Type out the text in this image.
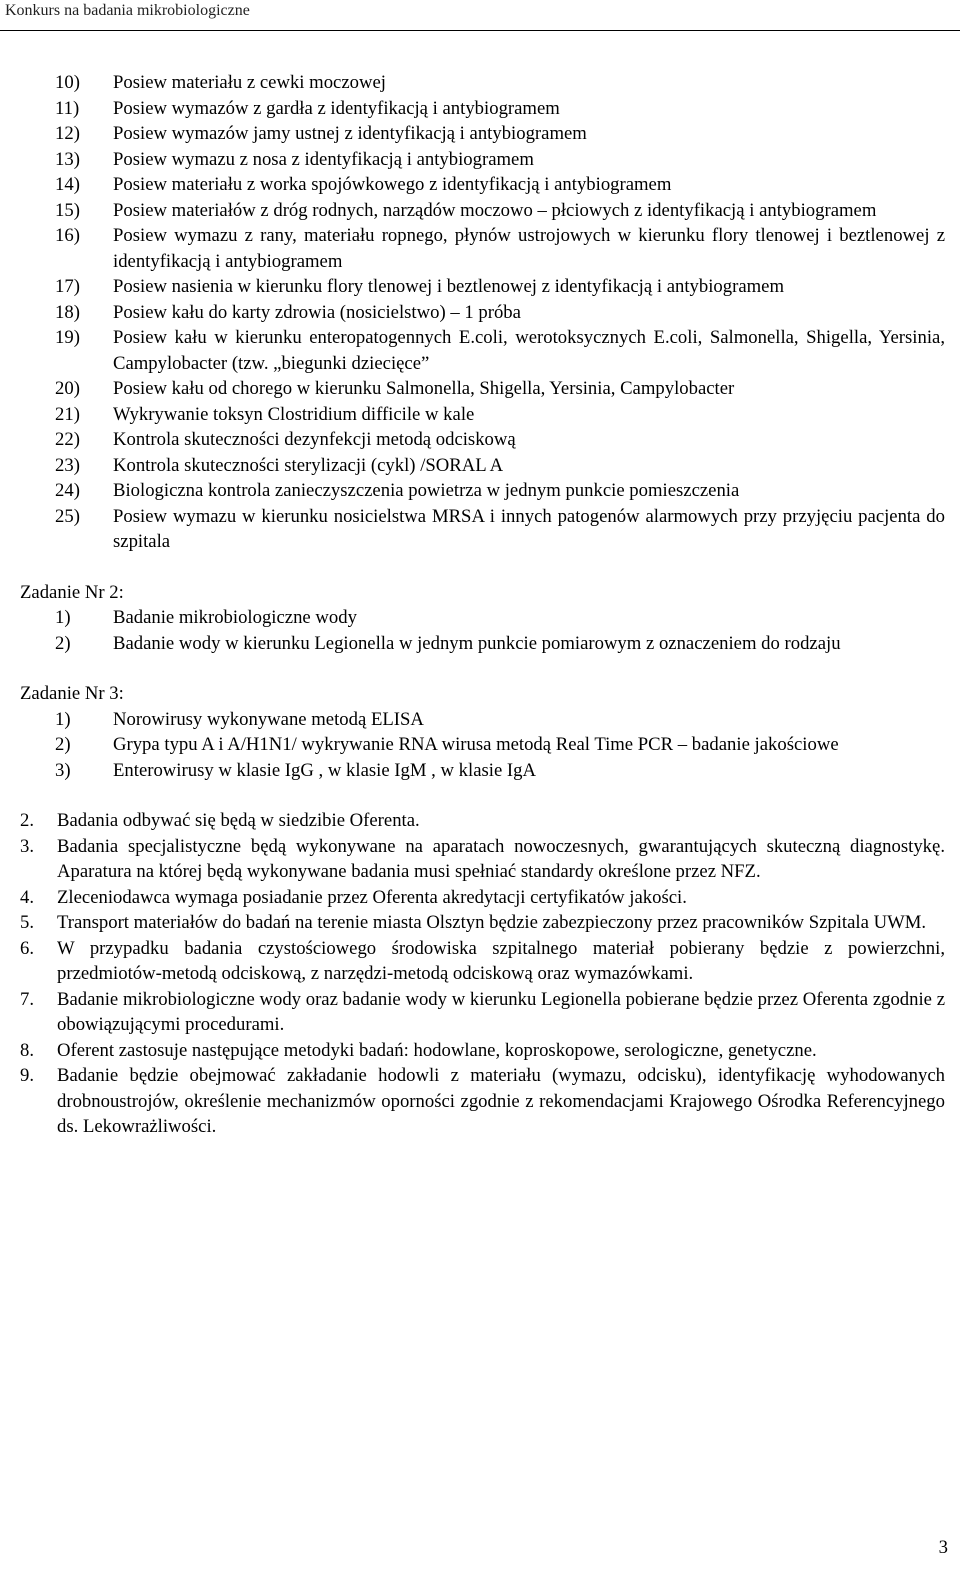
Konkurs na badania mikrobiologiczne
10)	Posiew materiału z cewki moczowej
11)	Posiew wymazów z gardła z identyfikacją i antybiogramem
12)	Posiew wymazów jamy ustnej z identyfikacją i antybiogramem
13)	Posiew wymazu z nosa z identyfikacją i antybiogramem
14)	Posiew materiału z worka spojówkowego z identyfikacją i antybiogramem
15)	Posiew materiałów z dróg rodnych, narządów moczowo – płciowych z identyfikacją i antybiogramem
16)	Posiew wymazu z rany, materiału ropnego, płynów ustrojowych w kierunku flory tlenowej i beztlenowej z identyfikacją i antybiogramem
17)	Posiew nasienia w kierunku flory tlenowej i beztlenowej z identyfikacją i antybiogramem
18)	Posiew kału do karty zdrowia (nosicielstwo) – 1 próba
19)	Posiew kału w kierunku enteropatogennych E.coli, werotoksycznych E.coli, Salmonella, Shigella, Yersinia, Campylobacter (tzw. „biegunki dziecięce”
20)	Posiew kału od chorego w kierunku Salmonella, Shigella, Yersinia, Campylobacter
21)	Wykrywanie toksyn Clostridium difficile w kale
22)	Kontrola skuteczności dezynfekcji metodą odciskową
23)	Kontrola skuteczności sterylizacji (cykl) /SORAL A
24)	Biologiczna kontrola zanieczyszczenia powietrza w jednym punkcie pomieszczenia
25)	Posiew wymazu w kierunku nosicielstwa MRSA i innych patogenów alarmowych przy przyjęciu pacjenta do szpitala

Zadanie Nr 2:

1)	Badanie mikrobiologiczne wody
2)	Badanie wody w kierunku Legionella w jednym punkcie pomiarowym z oznaczeniem do rodzaju

Zadanie Nr 3:

1)	Norowirusy wykonywane metodą ELISA
2)	Grypa typu A i A/H1N1/ wykrywanie RNA wirusa metodą Real Time PCR – badanie jakościowe
3)	Enterowirusy w klasie IgG , w klasie IgM , w klasie IgA
2.	Badania odbywać się będą w siedzibie Oferenta.
3.	Badania specjalistyczne będą wykonywane na aparatach nowoczesnych, gwarantujących skuteczną diagnostykę. Aparatura na której będą wykonywane badania musi spełniać standardy określone przez NFZ.
4.	Zleceniodawca wymaga posiadanie przez Oferenta akredytacji certyfikatów jakości.
5.	Transport materiałów do badań na terenie miasta Olsztyn będzie zabezpieczony przez pracowników Szpitala UWM.
6.	W przypadku badania czystościowego środowiska szpitalnego materiał pobierany będzie z powierzchni, przedmiotów-metodą odciskową, z narzędzi-metodą odciskową oraz wymazówkami.
7.	Badanie mikrobiologiczne wody oraz badanie wody w kierunku Legionella pobierane będzie przez Oferenta zgodnie z obowiązującymi procedurami.
8.	Oferent zastosuje następujące metodyki badań: hodowlane, koproskopowe, serologiczne, genetyczne.
9.	Badanie będzie obejmować zakładanie hodowli z materiału (wymazu, odcisku), identyfikację wyhodowanych drobnoustrojów, określenie mechanizmów oporności zgodnie z rekomendacjami Krajowego Ośrodka Referencyjnego ds. Lekowrażliwości.
3
